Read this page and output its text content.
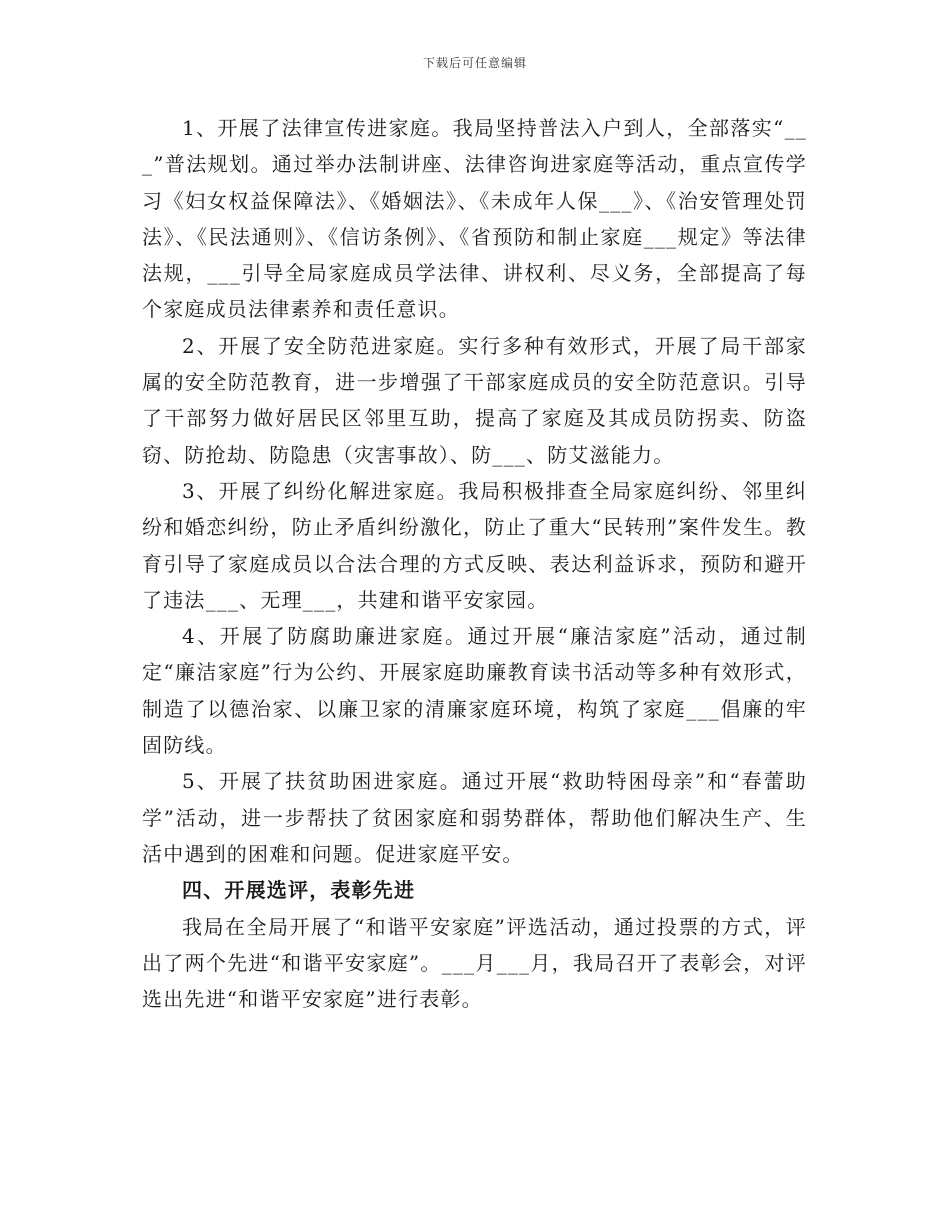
下载后可任意编辑

1、开展了法律宣传进家庭。我局坚持普法入户到人，全部落实“___”普法规划。通过举办法制讲座、法律咨询进家庭等活动，重点宣传学习《妇女权益保障法》、《婚姻法》、《未成年人保___》、《治安管理处罚法》、《民法通则》、《信访条例》、《省预防和制止家庭___规定》等法律法规，___引导全局家庭成员学法律、讲权利、尽义务，全部提高了每个家庭成员法律素养和责任意识。

2、开展了安全防范进家庭。实行多种有效形式，开展了局干部家属的安全防范教育，进一步增强了干部家庭成员的安全防范意识。引导了干部努力做好居民区邻里互助，提高了家庭及其成员防拐卖、防盗窃、防抢劫、防隐患（灾害事故）、防___、防艾滋能力。

3、开展了纠纷化解进家庭。我局积极排查全局家庭纠纷、邻里纠纷和婚恋纠纷，防止矛盾纠纷激化，防止了重大“民转刑”案件发生。教育引导了家庭成员以合法合理的方式反映、表达利益诉求，预防和避开了违法___、无理___，共建和谐平安家园。

4、开展了防腐助廉进家庭。通过开展“廉洁家庭”活动，通过制定“廉洁家庭”行为公约、开展家庭助廉教育读书活动等多种有效形式，制造了以德治家、以廉卫家的清廉家庭环境，构筑了家庭___倡廉的牢固防线。

5、开展了扶贫助困进家庭。通过开展“救助特困母亲”和“春蕾助学”活动，进一步帮扶了贫困家庭和弱势群体，帮助他们解决生产、生活中遇到的困难和问题。促进家庭平安。

四、开展选评，表彰先进

我局在全局开展了“和谐平安家庭”评选活动，通过投票的方式，评出了两个先进“和谐平安家庭”。___月___月，我局召开了表彰会，对评选出先进“和谐平安家庭”进行表彰。
